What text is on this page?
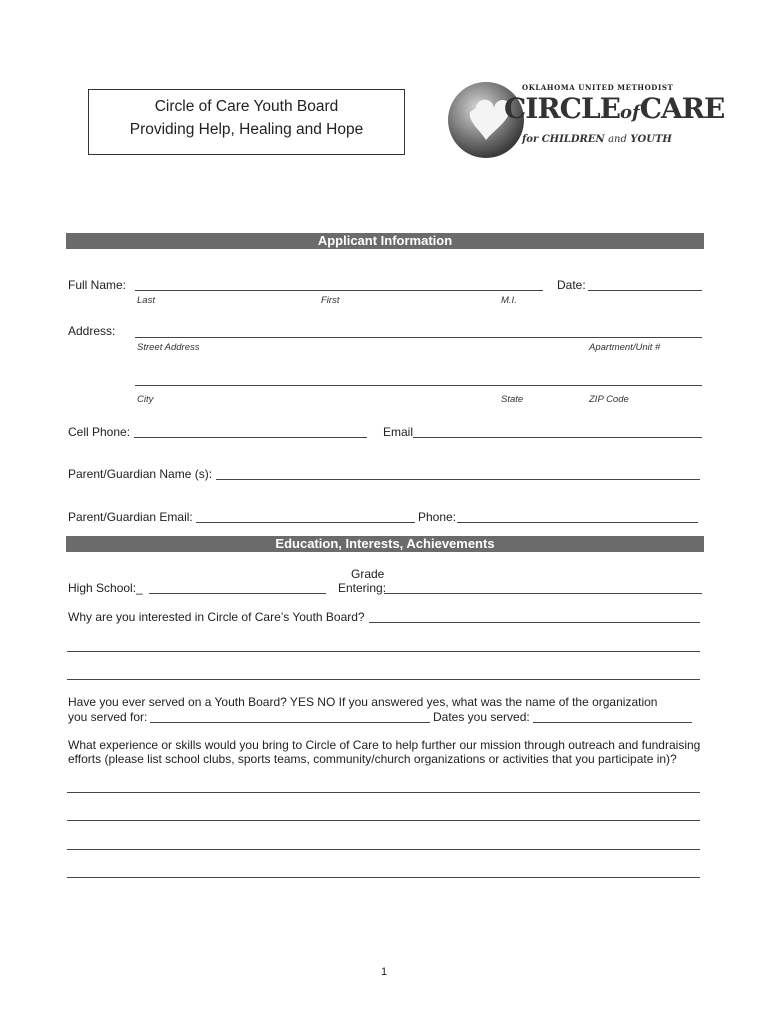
Circle of Care Youth Board
Providing Help, Healing and Hope
OKLAHOMA UNITED METHODIST
CIRCLEofCARE
for CHILDREN and YOUTH
Applicant Information
Full Name:	Date:
Last	First	M.I.
Address:
Street Address	Apartment/Unit #
City	State	ZIP Code
Cell Phone:	Email
Parent/Guardian Name (s):
Parent/Guardian Email:	Phone:
Education, Interests, Achievements
Grade
High School:_	Entering:
Why are you interested in Circle of Care’s Youth Board?
Have you ever served on a Youth Board? YES NO If you answered yes, what was the name of the organization
you served for:	Dates you served:
What experience or skills would you bring to Circle of Care to help further our mission through outreach and fundraising
efforts (please list school clubs, sports teams, community/church organizations or activities that you participate in)?
1
